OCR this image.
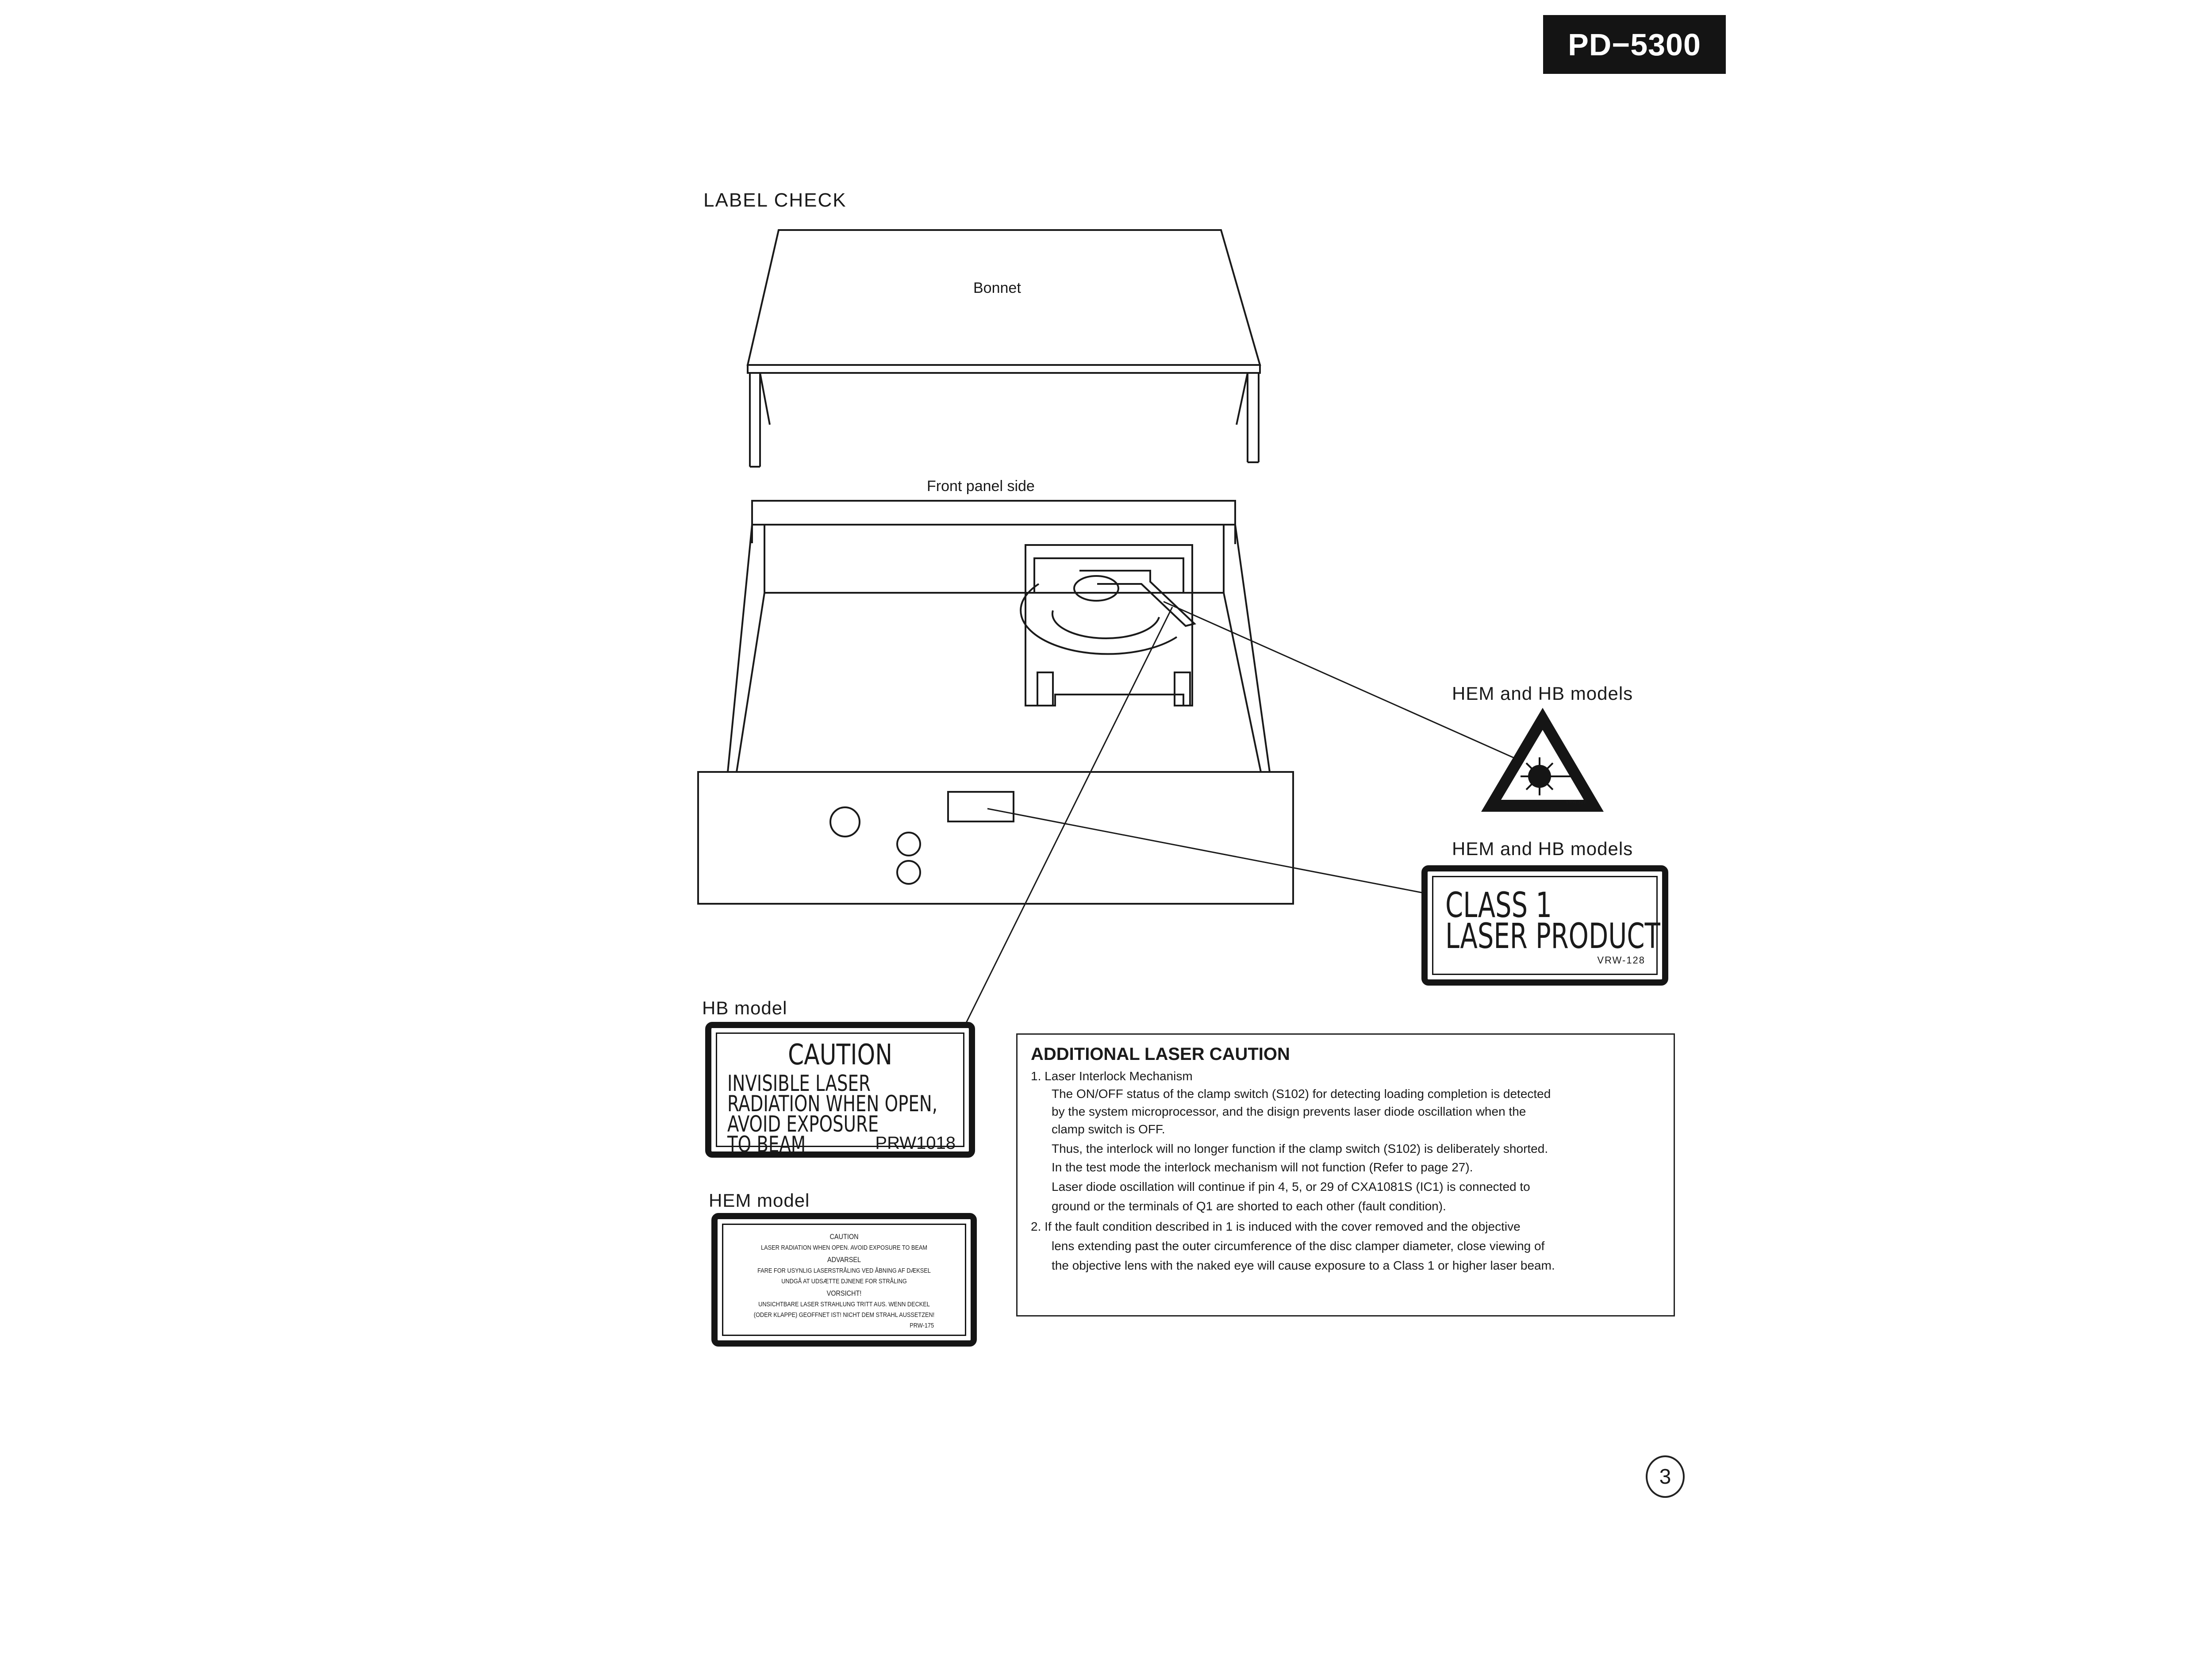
PD−5300
LABEL CHECK
Bonnet
Front panel side
VRW-129
HEM and HB models
HEM and HB models
HB model
HEM model
CLASS 1
LASER PRODUCT
VRW-128
CAUTION
INVISIBLE LASER
RADIATION WHEN OPEN,
AVOID EXPOSURE
TO BEAM	PRW1018
CAUTION
LASER RADIATION WHEN OPEN. AVOID EXPOSURE TO BEAM
ADVARSEL
FARE FOR USYNLIG LASERSTRÅLING VED ÅBNING AF DÆKSEL
UNDGÅ AT UDSÆTTE DJNENE FOR STRÅLING
VORSICHT!
UNSICHTBARE LASER STRAHLUNG TRITT AUS. WENN DECKEL
(ODER KLAPPE) GEOFFNET IST! NICHT DEM STRAHL AUSSETZEN!
PRW-175
ADDITIONAL LASER CAUTION
1. Laser Interlock Mechanism
The ON/OFF status of the clamp switch (S102) for detecting loading completion is detected
by the system microprocessor, and the disign prevents laser diode oscillation when the
clamp switch is OFF.
Thus, the interlock will no longer function if the clamp switch (S102) is deliberately shorted.
In the test mode the interlock mechanism will not function (Refer to page 27).
Laser diode oscillation will continue if pin 4, 5, or 29 of CXA1081S (IC1) is connected to
ground or the terminals of Q1 are shorted to each other (fault condition).
2. If the fault condition described in 1 is induced with the cover removed and the objective
lens extending past the outer circumference of the disc clamper diameter, close viewing of
the objective lens with the naked eye will cause exposure to a Class 1 or higher laser beam.
3
